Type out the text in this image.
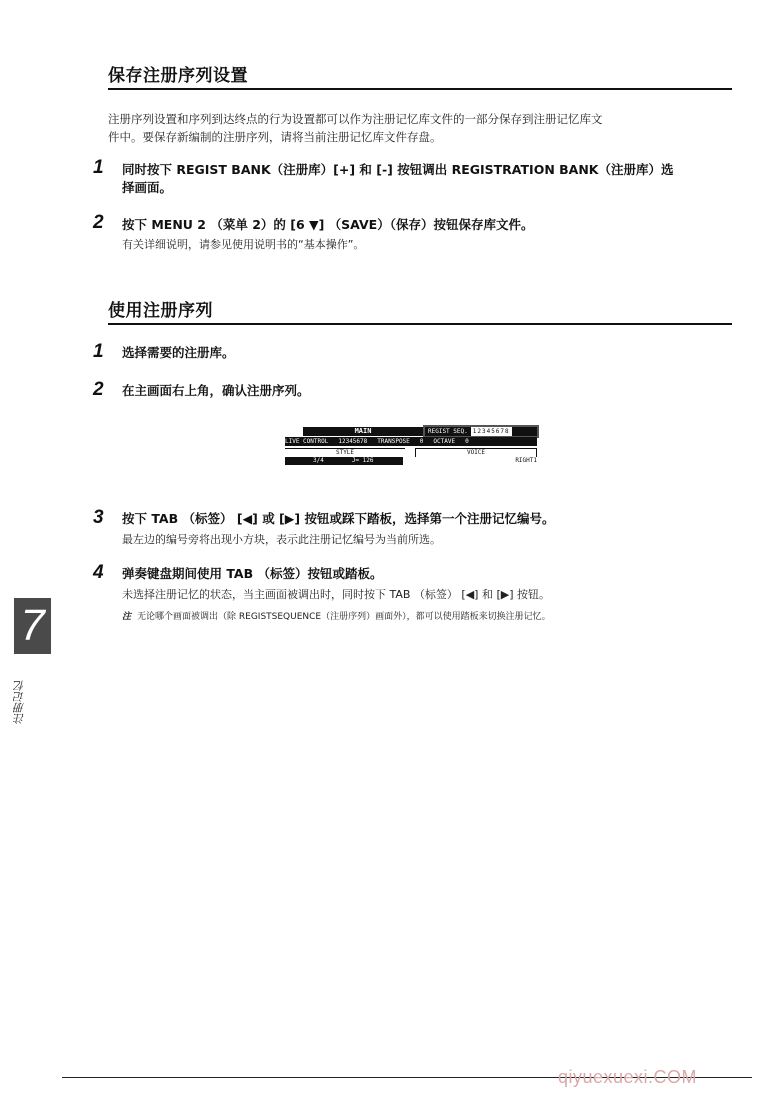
保存注册序列设置
注册序列设置和序列到达终点的行为设置都可以作为注册记忆库文件的一部分保存到注册记忆库文
件中。要保存新编制的注册序列，请将当前注册记忆库文件存盘。
1 同时按下 REGIST BANK（注册库）[+] 和 [-] 按钮调出 REGISTRATION BANK（注册库）选
择画面。
2 按下 MENU 2 （菜单 2）的 [6 ▼] （SAVE）（保存）按钮保存库文件。
有关详细说明，请参见使用说明书的“基本操作”。
使用注册序列
1 选择需要的注册库。
2 在主画面右上角，确认注册序列。
MAIN	REGIST SEQ. 12345678
LIVE CONTROL 12345678 TRANSPOSE 0 OCTAVE 0
STYLE	VOICE
3/4	J= 126	RIGHT1
3 按下 TAB （标签） [◀] 或 [▶] 按钮或踩下踏板，选择第一个注册记忆编号。
最左边的编号旁将出现小方块，表示此注册记忆编号为当前所选。
4 弹奏键盘期间使用 TAB （标签）按钮或踏板。
未选择注册记忆的状态，当主画面被调出时，同时按下 TAB （标签） [◀] 和 [▶] 按钮。
注 无论哪个画面被调出（除 REGISTSEQUENCE（注册序列）画面外），都可以使用踏板来切换注册记忆。
7
注册记忆
qiyuexuexi.COM
